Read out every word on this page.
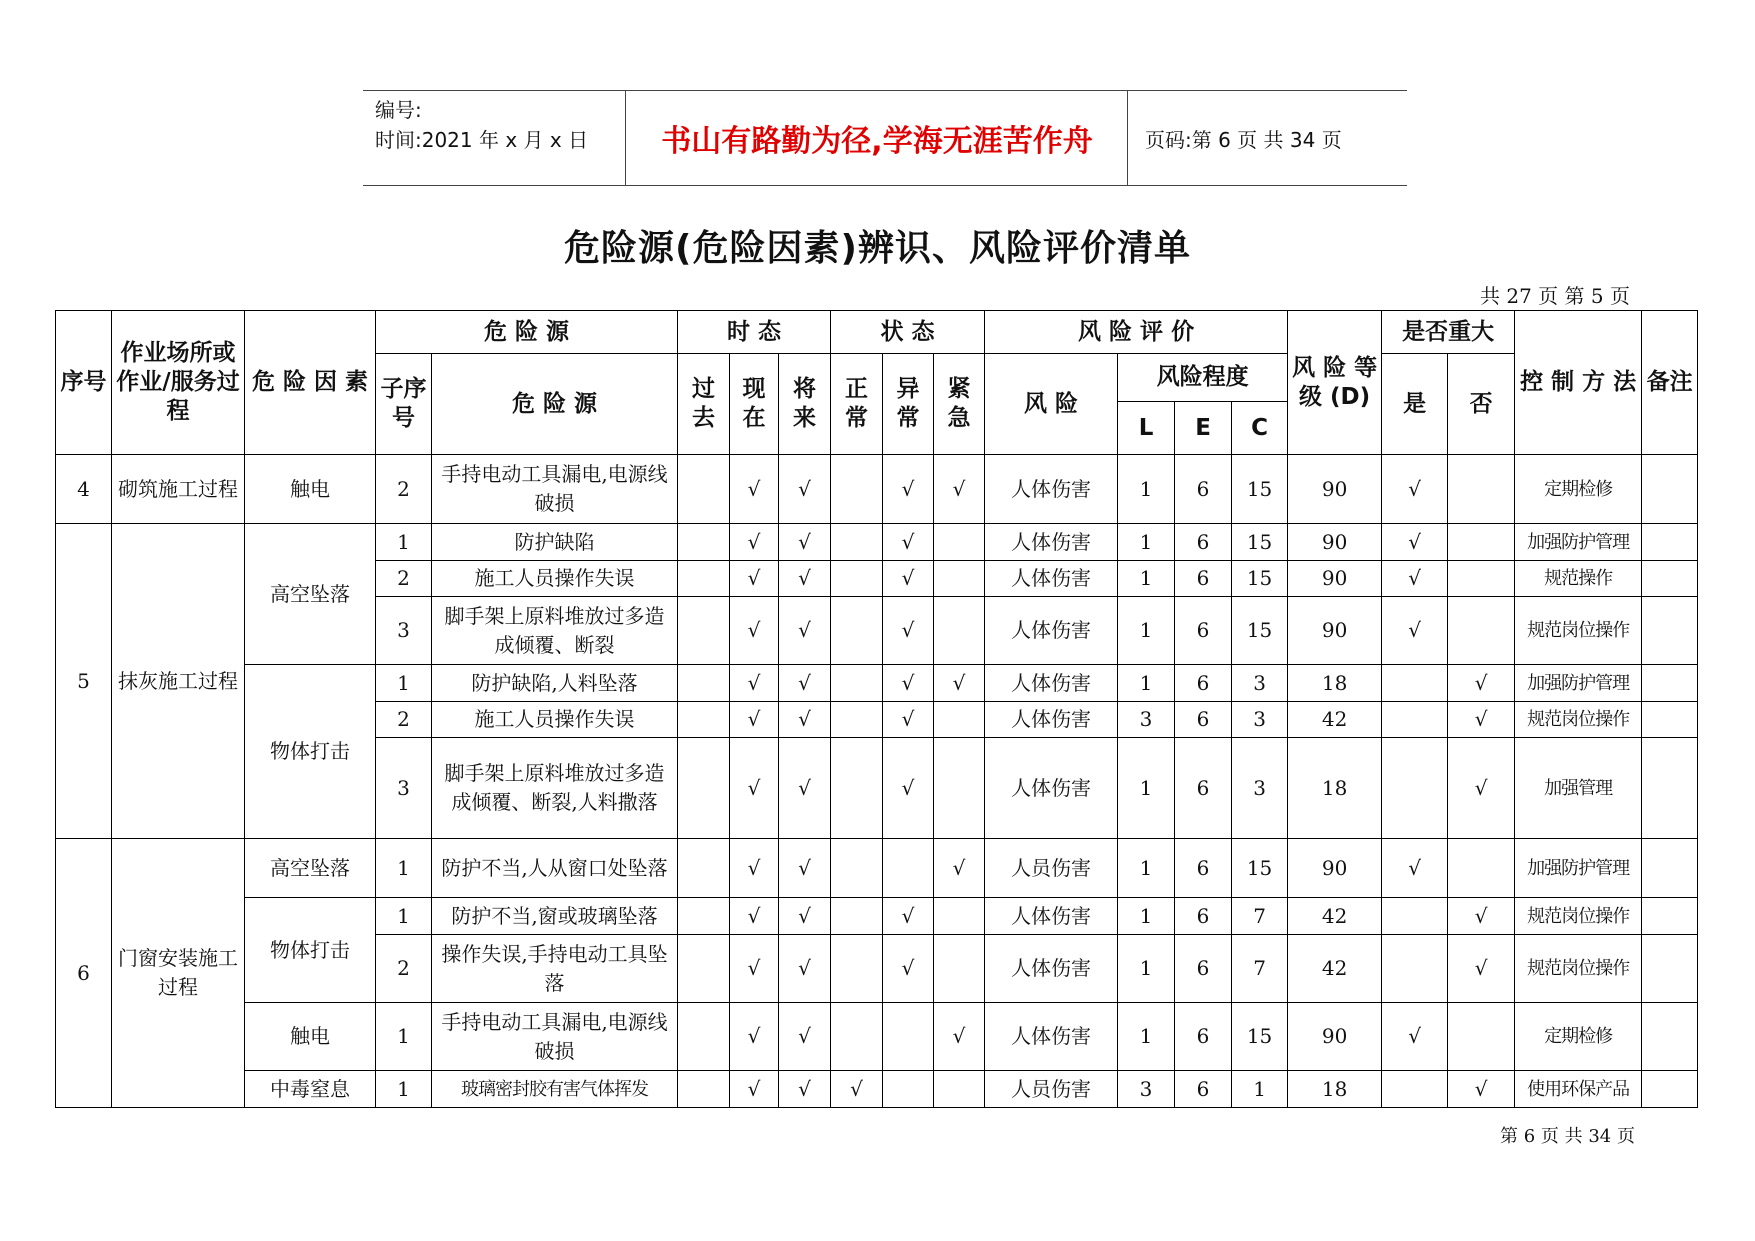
编号:
时间:2021 年 x 月 x 日	书山有路勤为径,学海无涯苦作舟	页码:第 6 页 共 34 页
危险源(危险因素)辨识、风险评价清单
共 27 页 第 5 页
序号	作业场所或作业/服务过程	危 险 因 素	危 险 源		时 态			状 态			风 险 评 价				风 险 等 级 (D)	是否重大		控 制 方 法	备注
			子序号	危 险 源	过去	现在	将来	正常	异常	紧急	风 险	风险程度				是	否		
												L	E	C					
4	砌筑施工过程	触电	2	手持电动工具漏电,电源线破损		√	√		√	√	人体伤害	1	6	15	90	√		定期检修	
5	抹灰施工过程	高空坠落	1	防护缺陷		√	√		√		人体伤害	1	6	15	90	√		加强防护管理	
			2	施工人员操作失误		√	√		√		人体伤害	1	6	15	90	√		规范操作	
			3	脚手架上原料堆放过多造成倾覆、断裂		√	√		√		人体伤害	1	6	15	90	√		规范岗位操作	
		物体打击	1	防护缺陷,人料坠落		√	√		√	√	人体伤害	1	6	3	18		√	加强防护管理	
			2	施工人员操作失误		√	√		√		人体伤害	3	6	3	42		√	规范岗位操作	
			3	脚手架上原料堆放过多造成倾覆、断裂,人料撒落		√	√		√		人体伤害	1	6	3	18		√	加强管理	
6	门窗安装施工过程	高空坠落	1	防护不当,人从窗口处坠落		√	√			√	人员伤害	1	6	15	90	√		加强防护管理	
		物体打击	1	防护不当,窗或玻璃坠落		√	√		√		人体伤害	1	6	7	42		√	规范岗位操作	
			2	操作失误,手持电动工具坠落		√	√		√		人体伤害	1	6	7	42		√	规范岗位操作	
		触电	1	手持电动工具漏电,电源线破损		√	√			√	人体伤害	1	6	15	90	√		定期检修	
		中毒窒息	1	玻璃密封胶有害气体挥发		√	√	√			人员伤害	3	6	1	18		√	使用环保产品	
第 6 页 共 34 页
